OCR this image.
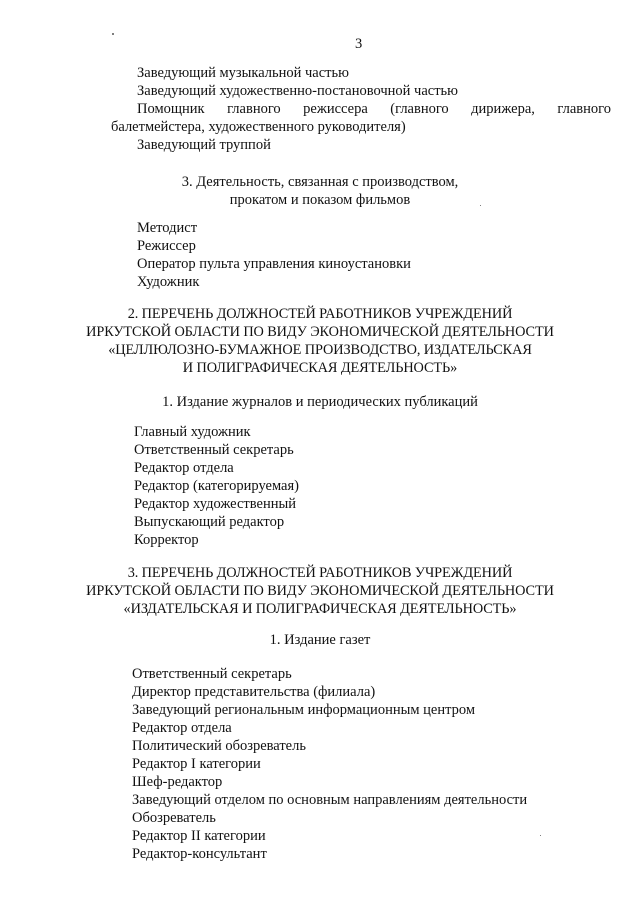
3
Заведующий музыкальной частью
Заведующий художественно-постановочной частью
Помощник главного режиссера (главного дирижера, главного
балетмейстера, художественного руководителя)
Заведующий труппой
3. Деятельность, связанная с производством,
прокатом и показом фильмов
Методист
Режиссер
Оператор пульта управления киноустановки
Художник
2. ПЕРЕЧЕНЬ ДОЛЖНОСТЕЙ РАБОТНИКОВ УЧРЕЖДЕНИЙ
ИРКУТСКОЙ ОБЛАСТИ ПО ВИДУ ЭКОНОМИЧЕСКОЙ ДЕЯТЕЛЬНОСТИ
«ЦЕЛЛЮЛОЗНО-БУМАЖНОЕ ПРОИЗВОДСТВО, ИЗДАТЕЛЬСКАЯ
И ПОЛИГРАФИЧЕСКАЯ ДЕЯТЕЛЬНОСТЬ»
1. Издание журналов и периодических публикаций
Главный художник
Ответственный секретарь
Редактор отдела
Редактор (категорируемая)
Редактор художественный
Выпускающий редактор
Корректор
3. ПЕРЕЧЕНЬ ДОЛЖНОСТЕЙ РАБОТНИКОВ УЧРЕЖДЕНИЙ
ИРКУТСКОЙ ОБЛАСТИ ПО ВИДУ ЭКОНОМИЧЕСКОЙ ДЕЯТЕЛЬНОСТИ
«ИЗДАТЕЛЬСКАЯ И ПОЛИГРАФИЧЕСКАЯ ДЕЯТЕЛЬНОСТЬ»
1. Издание газет
Ответственный секретарь
Директор представительства (филиала)
Заведующий региональным информационным центром
Редактор отдела
Политический обозреватель
Редактор I категории
Шеф-редактор
Заведующий отделом по основным направлениям деятельности
Обозреватель
Редактор II категории
Редактор-консультант
